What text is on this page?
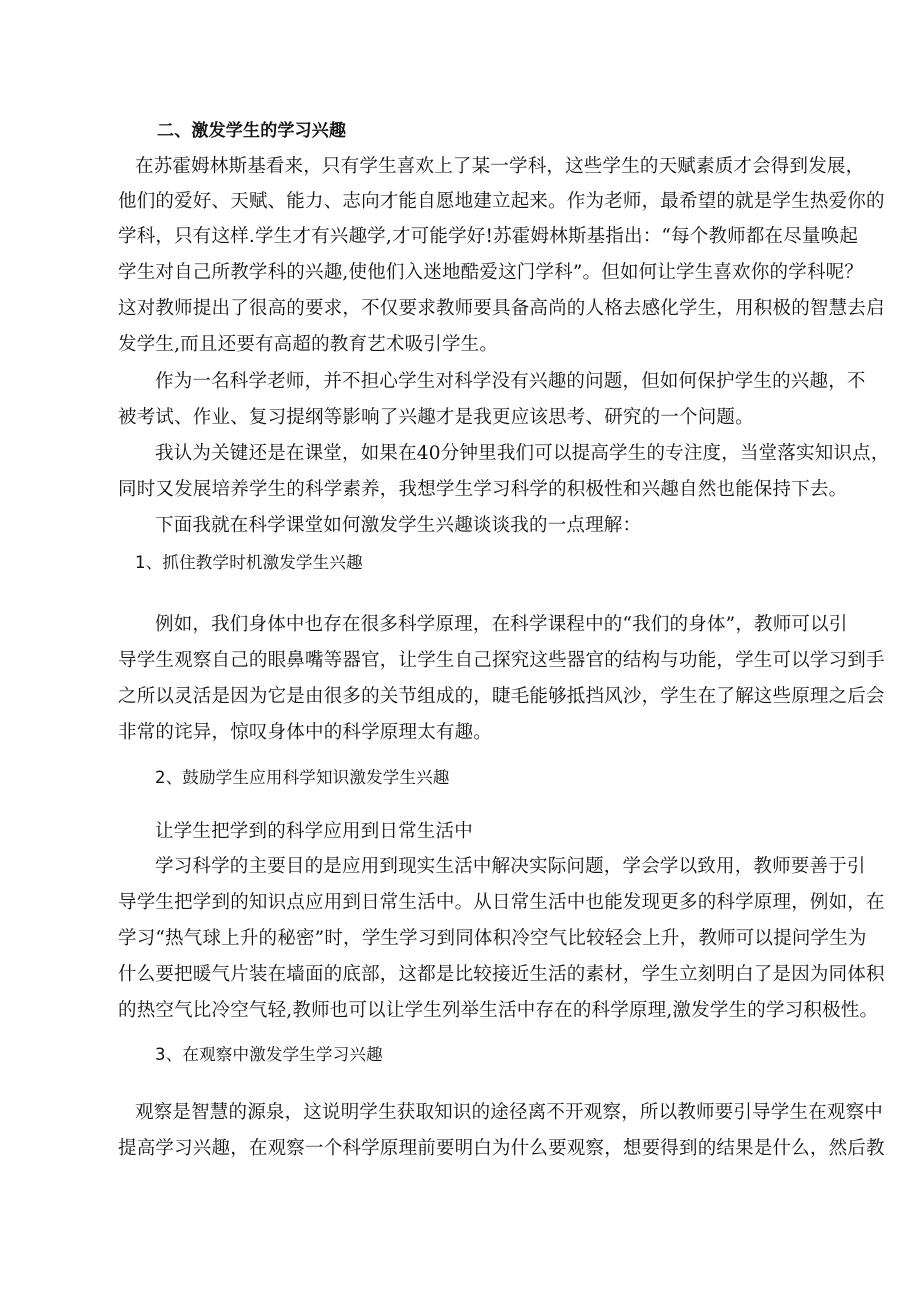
二、激发学生的学习兴趣
在苏霍姆林斯基看来，只有学生喜欢上了某一学科，这些学生的天赋素质才会得到发展，
他们的爱好、天赋、能力、志向才能自愿地建立起来。作为老师，最希望的就是学生热爱你的
学科，只有这样.学生才有兴趣学,才可能学好!苏霍姆林斯基指出：“每个教师都在尽量唤起
学生对自己所教学科的兴趣,使他们入迷地酷爱这门学科”。但如何让学生喜欢你的学科呢？
这对教师提出了很高的要求，不仅要求教师要具备高尚的人格去感化学生，用积极的智慧去启
发学生,而且还要有高超的教育艺术吸引学生。
作为一名科学老师，并不担心学生对科学没有兴趣的问题，但如何保护学生的兴趣，不
被考试、作业、复习提纲等影响了兴趣才是我更应该思考、研究的一个问题。
我认为关键还是在课堂，如果在40分钟里我们可以提高学生的专注度，当堂落实知识点，
同时又发展培养学生的科学素养，我想学生学习科学的积极性和兴趣自然也能保持下去。
下面我就在科学课堂如何激发学生兴趣谈谈我的一点理解：
1、抓住教学时机激发学生兴趣
例如，我们身体中也存在很多科学原理，在科学课程中的“我们的身体”，教师可以引
导学生观察自己的眼鼻嘴等器官，让学生自己探究这些器官的结构与功能，学生可以学习到手
之所以灵活是因为它是由很多的关节组成的，睫毛能够抵挡风沙，学生在了解这些原理之后会
非常的诧异，惊叹身体中的科学原理太有趣。
2、鼓励学生应用科学知识激发学生兴趣
让学生把学到的科学应用到日常生活中
学习科学的主要目的是应用到现实生活中解决实际问题，学会学以致用，教师要善于引
导学生把学到的知识点应用到日常生活中。从日常生活中也能发现更多的科学原理，例如，在
学习“热气球上升的秘密”时，学生学习到同体积冷空气比较轻会上升，教师可以提问学生为
什么要把暖气片装在墙面的底部，这都是比较接近生活的素材，学生立刻明白了是因为同体积
的热空气比冷空气轻,教师也可以让学生列举生活中存在的科学原理,激发学生的学习积极性。
3、在观察中激发学生学习兴趣
观察是智慧的源泉，这说明学生获取知识的途径离不开观察，所以教师要引导学生在观察中
提高学习兴趣，在观察一个科学原理前要明白为什么要观察，想要得到的结果是什么，然后教
